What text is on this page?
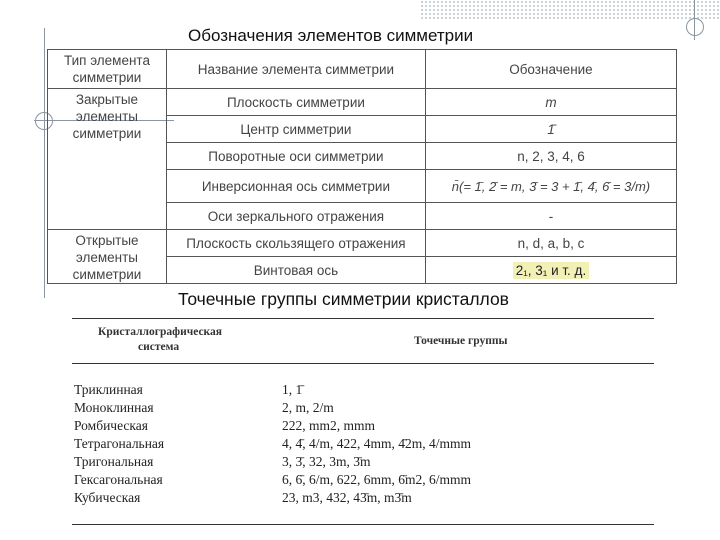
Обозначения элементов симметрии
Тип элемента симметрии	Название элемента симметрии	Обозначение
Закрытые элементы симметрии	Плоскость симметрии	m
	Центр симметрии	1̄
	Поворотные оси симметрии	n, 2, 3, 4, 6
	Инверсионная ось симметрии	n̄(= 1̄, 2̄ = m, 3̄ = 3 + 1̄, 4̄, 6̄ = 3/m)
	Оси зеркального отражения	-
Открытые элементы симметрии	Плоскость скользящего отражения	n, d, a, b, c
	Винтовая ось	2₁, 3₁ и т. д.
Точечные группы симметрии кристаллов
Кристаллографическая
система	Точечные группы
Триклинная	1, 1̄
Моноклинная	2, m, 2/m
Ромбическая	222, mm2, mmm
Тетрагональная	4, 4̄, 4/m, 422, 4mm, 4̄2m, 4/mmm
Тригональная	3, 3̄, 32, 3m, 3̄m
Гексагональная	6, 6̄, 6/m, 622, 6mm, 6̄m2, 6/mmm
Кубическая	23, m3, 432, 43̄m, m3̄m
